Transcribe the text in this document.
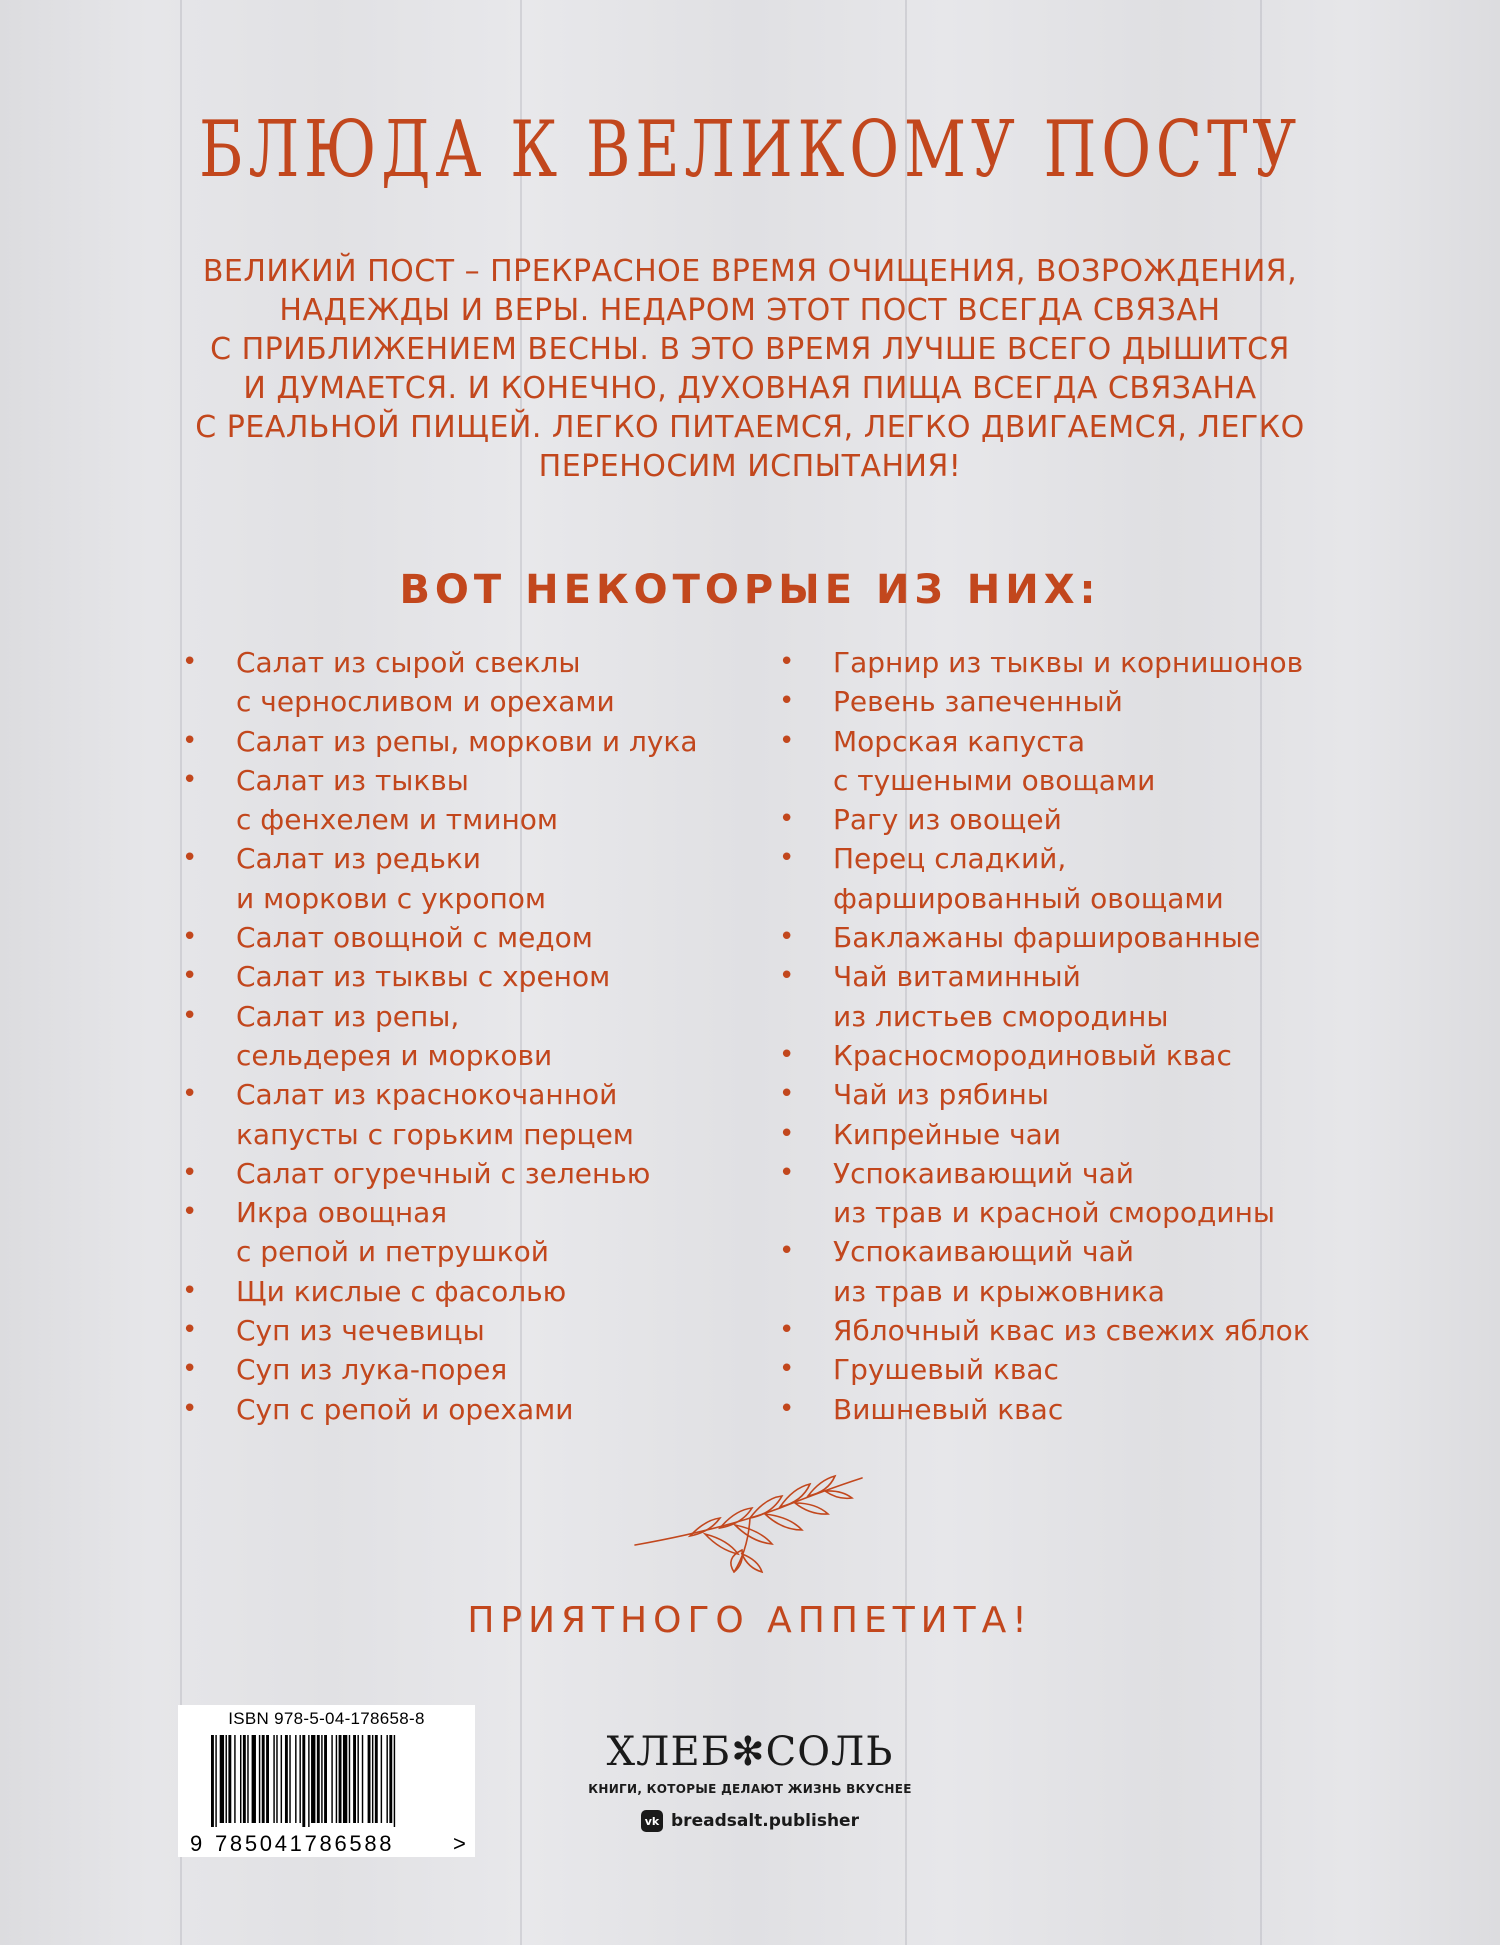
БЛЮДА К ВЕЛИКОМУ ПОСТУ
ВЕЛИКИЙ ПОСТ – ПРЕКРАСНОЕ ВРЕМЯ ОЧИЩЕНИЯ, ВОЗРОЖДЕНИЯ,
НАДЕЖДЫ И ВЕРЫ. НЕДАРОМ ЭТОТ ПОСТ ВСЕГДА СВЯЗАН
С ПРИБЛИЖЕНИЕМ ВЕСНЫ. В ЭТО ВРЕМЯ ЛУЧШЕ ВСЕГО ДЫШИТСЯ
И ДУМАЕТСЯ. И КОНЕЧНО, ДУХОВНАЯ ПИЩА ВСЕГДА СВЯЗАНА
С РЕАЛЬНОЙ ПИЩЕЙ. ЛЕГКО ПИТАЕМСЯ, ЛЕГКО ДВИГАЕМСЯ, ЛЕГКО
ПЕРЕНОСИМ ИСПЫТАНИЯ!
ВОТ НЕКОТОРЫЕ ИЗ НИХ:
• Салат из сырой свеклы
с черносливом и орехами
• Салат из репы, моркови и лука
• Салат из тыквы
с фенхелем и тмином
• Салат из редьки
и моркови с укропом
• Салат овощной с медом
• Салат из тыквы с хреном
• Салат из репы,
сельдерея и моркови
• Салат из краснокочанной
капусты с горьким перцем
• Салат огуречный с зеленью
• Икра овощная
с репой и петрушкой
• Щи кислые с фасолью
• Суп из чечевицы
• Суп из лука-порея
• Суп с репой и орехами
• Гарнир из тыквы и корнишонов
• Ревень запеченный
• Морская капуста
с тушеными овощами
• Рагу из овощей
• Перец сладкий,
фаршированный овощами
• Баклажаны фаршированные
• Чай витаминный
из листьев смородины
• Красносмородиновый квас
• Чай из рябины
• Кипрейные чаи
• Успокаивающий чай
из трав и красной смородины
• Успокаивающий чай
из трав и крыжовника
• Яблочный квас из свежих яблок
• Грушевый квас
• Вишневый квас
ПРИЯТНОГО АППЕТИТА!
ISBN 978-5-04-178658-8
9 785041786588	>
ХЛЕБ✻СОЛЬ
КНИГИ, КОТОРЫЕ ДЕЛАЮТ ЖИЗНЬ ВКУСНЕЕ
vk breadsalt.publisher
